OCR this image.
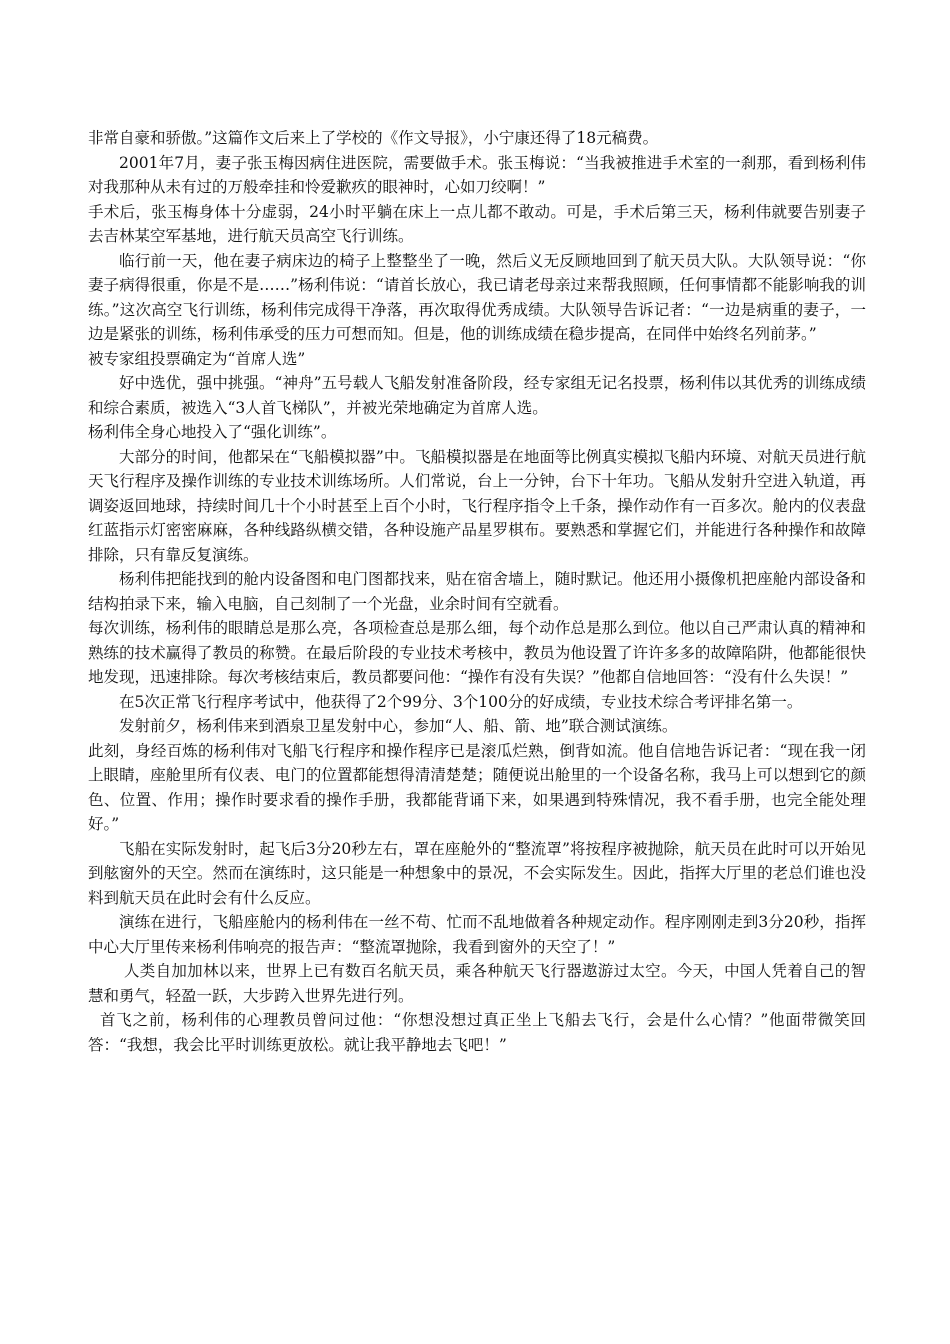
非常自豪和骄傲。”这篇作文后来上了学校的《作文导报》，小宁康还得了18元稿费。

2001年7月，妻子张玉梅因病住进医院，需要做手术。张玉梅说：“当我被推进手术室的一刹那，看到杨利伟对我那种从未有过的万般牵挂和怜爱歉疚的眼神时，心如刀绞啊！”

手术后，张玉梅身体十分虚弱，24小时平躺在床上一点儿都不敢动。可是，手术后第三天，杨利伟就要告别妻子去吉林某空军基地，进行航天员高空飞行训练。

临行前一天，他在妻子病床边的椅子上整整坐了一晚，然后义无反顾地回到了航天员大队。大队领导说：“你妻子病得很重，你是不是……”杨利伟说：“请首长放心，我已请老母亲过来帮我照顾，任何事情都不能影响我的训练。”这次高空飞行训练，杨利伟完成得干净落，再次取得优秀成绩。大队领导告诉记者：“一边是病重的妻子，一边是紧张的训练，杨利伟承受的压力可想而知。但是，他的训练成绩在稳步提高，在同伴中始终名列前茅。”

被专家组投票确定为“首席人选”

好中选优，强中挑强。“神舟”五号载人飞船发射准备阶段，经专家组无记名投票，杨利伟以其优秀的训练成绩和综合素质，被选入“3人首飞梯队”，并被光荣地确定为首席人选。

杨利伟全身心地投入了“强化训练”。

大部分的时间，他都呆在“飞船模拟器”中。飞船模拟器是在地面等比例真实模拟飞船内环境、对航天员进行航天飞行程序及操作训练的专业技术训练场所。人们常说，台上一分钟，台下十年功。飞船从发射升空进入轨道，再调姿返回地球，持续时间几十个小时甚至上百个小时，飞行程序指令上千条，操作动作有一百多次。舱内的仪表盘红蓝指示灯密密麻麻，各种线路纵横交错，各种设施产品星罗棋布。要熟悉和掌握它们，并能进行各种操作和故障排除，只有靠反复演练。

杨利伟把能找到的舱内设备图和电门图都找来，贴在宿舍墙上，随时默记。他还用小摄像机把座舱内部设备和结构拍录下来，输入电脑，自己刻制了一个光盘，业余时间有空就看。

每次训练，杨利伟的眼睛总是那么亮，各项检查总是那么细，每个动作总是那么到位。他以自己严肃认真的精神和熟练的技术赢得了教员的称赞。在最后阶段的专业技术考核中，教员为他设置了许许多多的故障陷阱，他都能很快地发现，迅速排除。每次考核结束后，教员都要问他：“操作有没有失误？”他都自信地回答：“没有什么失误！”

在5次正常飞行程序考试中，他获得了2个99分、3个100分的好成绩，专业技术综合考评排名第一。

发射前夕，杨利伟来到酒泉卫星发射中心，参加“人、船、箭、地”联合测试演练。

此刻，身经百炼的杨利伟对飞船飞行程序和操作程序已是滚瓜烂熟，倒背如流。他自信地告诉记者：“现在我一闭上眼睛，座舱里所有仪表、电门的位置都能想得清清楚楚；随便说出舱里的一个设备名称，我马上可以想到它的颜色、位置、作用；操作时要求看的操作手册，我都能背诵下来，如果遇到特殊情况，我不看手册，也完全能处理好。”

飞船在实际发射时，起飞后3分20秒左右，罩在座舱外的“整流罩”将按程序被抛除，航天员在此时可以开始见到舷窗外的天空。然而在演练时，这只能是一种想象中的景况，不会实际发生。因此，指挥大厅里的老总们谁也没料到航天员在此时会有什么反应。

演练在进行，飞船座舱内的杨利伟在一丝不苟、忙而不乱地做着各种规定动作。程序刚刚走到3分20秒，指挥中心大厅里传来杨利伟响亮的报告声：“整流罩抛除，我看到窗外的天空了！”

人类自加加林以来，世界上已有数百名航天员，乘各种航天飞行器遨游过太空。今天，中国人凭着自己的智慧和勇气，轻盈一跃，大步跨入世界先进行列。

首飞之前，杨利伟的心理教员曾问过他：“你想没想过真正坐上飞船去飞行，会是什么心情？”他面带微笑回答：“我想，我会比平时训练更放松。就让我平静地去飞吧！”
